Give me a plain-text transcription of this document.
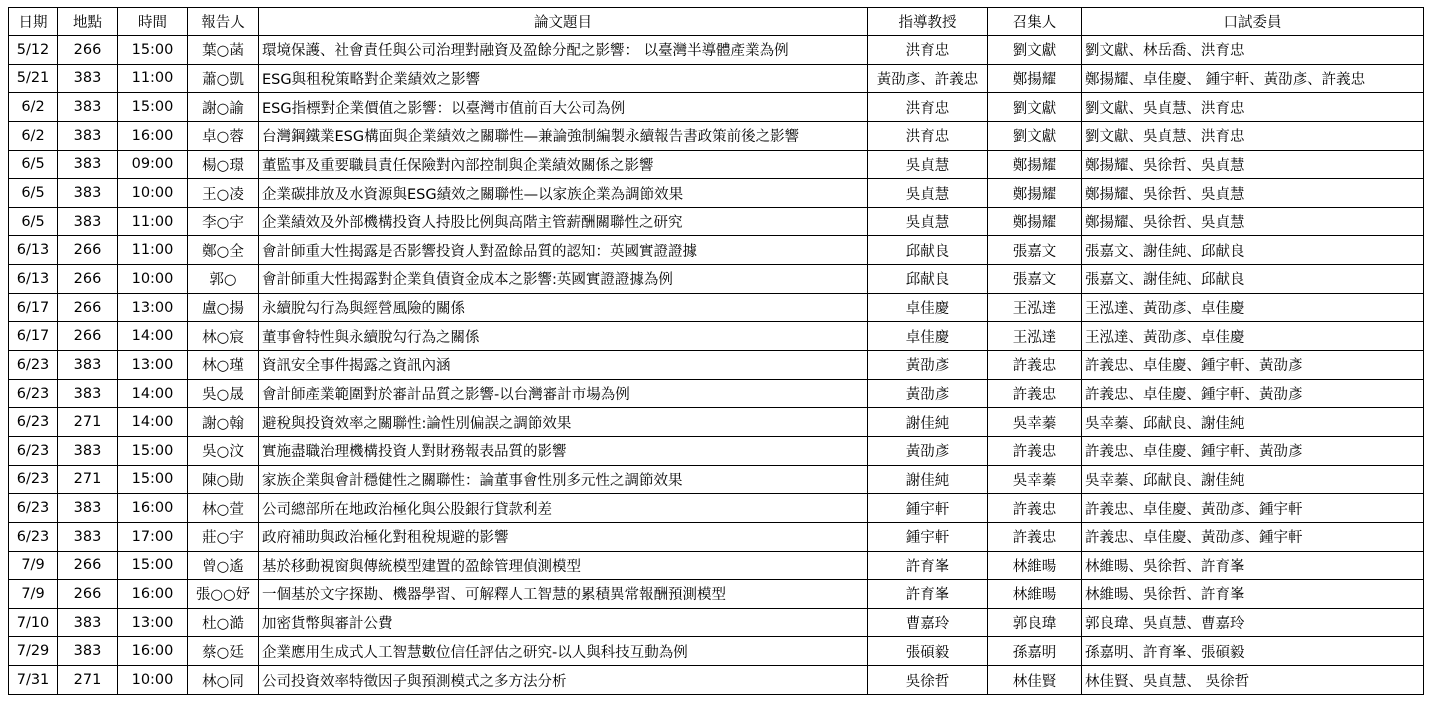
日期	地點	時間	報告人	論文題目	指導教授	召集人	口試委員
5/12	266	15:00	葉○菡	環境保護、社會責任與公司治理對融資及盈餘分配之影響： 以臺灣半導體產業為例	洪育忠	劉文獻	劉文獻、林岳喬、洪育忠
5/21	383	11:00	蕭○凱	ESG與租稅策略對企業績效之影響	黃劭彥、許義忠	鄭揚耀	鄭揚耀、卓佳慶、 鍾宇軒、黃劭彥、許義忠
6/2	383	15:00	謝○諭	ESG指標對企業價值之影響：以臺灣市值前百大公司為例	洪育忠	劉文獻	劉文獻、吳貞慧、洪育忠
6/2	383	16:00	卓○蓉	台灣鋼鐵業ESG構面與企業績效之關聯性—兼論強制編製永續報告書政策前後之影響	洪育忠	劉文獻	劉文獻、吳貞慧、洪育忠
6/5	383	09:00	楊○璟	董監事及重要職員責任保險對內部控制與企業績效關係之影響	吳貞慧	鄭揚耀	鄭揚耀、吳徐哲、吳貞慧
6/5	383	10:00	王○凌	企業碳排放及水資源與ESG績效之關聯性—以家族企業為調節效果	吳貞慧	鄭揚耀	鄭揚耀、吳徐哲、吳貞慧
6/5	383	11:00	李○宇	企業績效及外部機構投資人持股比例與高階主管薪酬關聯性之研究	吳貞慧	鄭揚耀	鄭揚耀、吳徐哲、吳貞慧
6/13	266	11:00	鄭○全	會計師重大性揭露是否影響投資人對盈餘品質的認知：英國實證證據	邱献良	張嘉文	張嘉文、謝佳純、邱献良
6/13	266	10:00	郭○	會計師重大性揭露對企業負債資金成本之影響:英國實證證據為例	邱献良	張嘉文	張嘉文、謝佳純、邱献良
6/17	266	13:00	盧○揚	永續脫勾行為與經營風險的關係	卓佳慶	王泓達	王泓達、黃劭彥、卓佳慶
6/17	266	14:00	林○宸	董事會特性與永續脫勾行為之關係	卓佳慶	王泓達	王泓達、黃劭彥、卓佳慶
6/23	383	13:00	林○瑾	資訊安全事件揭露之資訊內涵	黃劭彥	許義忠	許義忠、卓佳慶、鍾宇軒、黃劭彥
6/23	383	14:00	吳○晟	會計師產業範圍對於審計品質之影響-以台灣審計市場為例	黃劭彥	許義忠	許義忠、卓佳慶、鍾宇軒、黃劭彥
6/23	271	14:00	謝○翰	避稅與投資效率之關聯性:論性別偏誤之調節效果	謝佳純	吳幸蓁	吳幸蓁、邱献良、謝佳純
6/23	383	15:00	吳○汶	實施盡職治理機構投資人對財務報表品質的影響	黃劭彥	許義忠	許義忠、卓佳慶、鍾宇軒、黃劭彥
6/23	271	15:00	陳○勛	家族企業與會計穩健性之關聯性：論董事會性別多元性之調節效果	謝佳純	吳幸蓁	吳幸蓁、邱献良、謝佳純
6/23	383	16:00	林○萱	公司總部所在地政治極化與公股銀行貸款利差	鍾宇軒	許義忠	許義忠、卓佳慶、黃劭彥、鍾宇軒
6/23	383	17:00	莊○宇	政府補助與政治極化對租稅規避的影響	鍾宇軒	許義忠	許義忠、卓佳慶、黃劭彥、鍾宇軒
7/9	266	15:00	曾○遙	基於移動視窗與傳統模型建置的盈餘管理偵測模型	許育峯	林維暘	林維暘、吳徐哲、許育峯
7/9	266	16:00	張○○妤	一個基於文字探勘、機器學習、可解釋人工智慧的累積異常報酬預測模型	許育峯	林維暘	林維暘、吳徐哲、許育峯
7/10	383	13:00	杜○澔	加密貨幣與審計公費	曹嘉玲	郭良瑋	郭良瑋、吳貞慧、曹嘉玲
7/29	383	16:00	蔡○廷	企業應用生成式人工智慧數位信任評估之研究-以人與科技互動為例	張碩毅	孫嘉明	孫嘉明、許育峯、張碩毅
7/31	271	10:00	林○同	公司投資效率特徵因子與預測模式之多方法分析	吳徐哲	林佳賢	林佳賢、吳貞慧、 吳徐哲
